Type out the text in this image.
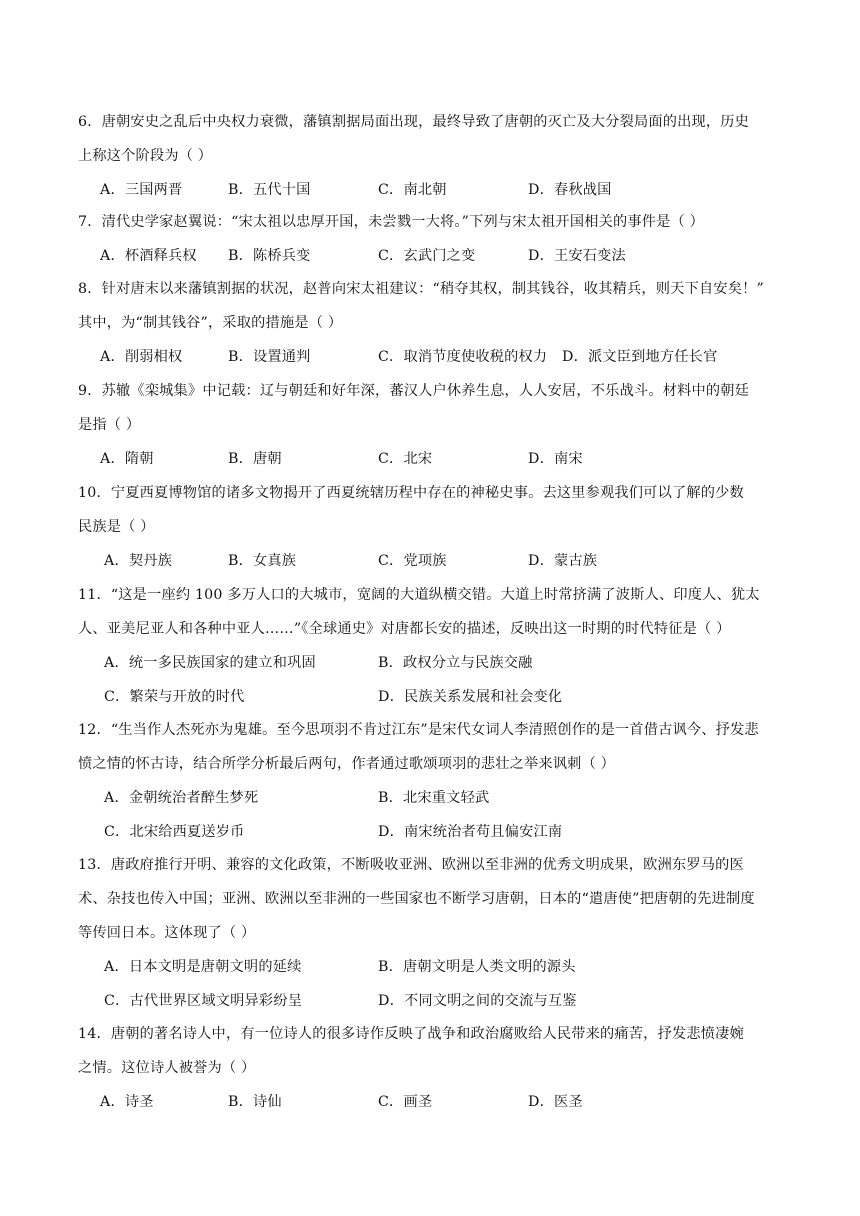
6．唐朝安史之乱后中央权力衰微，藩镇割据局面出现，最终导致了唐朝的灭亡及大分裂局面的出现，历史

上称这个阶段为（ ）

A．三国两晋	B．五代十国	C．南北朝	D．春秋战国

7．清代史学家赵翼说：“宋太祖以忠厚开国，未尝戮一大将。”下列与宋太祖开国相关的事件是（ ）

A．杯酒释兵权 B．陈桥兵变	C．玄武门之变	D．王安石变法

8．针对唐末以来藩镇割据的状况，赵普向宋太祖建议：“稍夺其权，制其钱谷，收其精兵，则天下自安矣！”

其中，为“制其钱谷”，采取的措施是（ ）

A．削弱相权	B．设置通判	C．取消节度使收税的权力 D．派文臣到地方任长官

9．苏辙《栾城集》中记载：辽与朝廷和好年深，蕃汉人户休养生息，人人安居，不乐战斗。材料中的朝廷

是指（ ）

A．隋朝	B．唐朝	C．北宋	D．南宋

10．宁夏西夏博物馆的诸多文物揭开了西夏统辖历程中存在的神秘史事。去这里参观我们可以了解的少数

民族是（ ）

A．契丹族	B．女真族	C．党项族	D．蒙古族

11．“这是一座约 100 多万人口的大城市，宽阔的大道纵横交错。大道上时常挤满了波斯人、印度人、犹太

人、亚美尼亚人和各种中亚人……”《全球通史》对唐都长安的描述，反映出这一时期的时代特征是（ ）

A．统一多民族国家的建立和巩固	B．政权分立与民族交融
C．繁荣与开放的时代	D．民族关系发展和社会变化

12．“生当作人杰死亦为鬼雄。至今思项羽不肯过江东”是宋代女词人李清照创作的是一首借古讽今、抒发悲

愤之情的怀古诗，结合所学分析最后两句，作者通过歌颂项羽的悲壮之举来讽刺（ ）

A．金朝统治者醉生梦死	B．北宋重文轻武
C．北宋给西夏送岁币	D．南宋统治者苟且偏安江南

13．唐政府推行开明、兼容的文化政策，不断吸收亚洲、欧洲以至非洲的优秀文明成果，欧洲东罗马的医

术、杂技也传入中国；亚洲、欧洲以至非洲的一些国家也不断学习唐朝，日本的“遣唐使”把唐朝的先进制度

等传回日本。这体现了（ ）

A．日本文明是唐朝文明的延续	B．唐朝文明是人类文明的源头
C．古代世界区域文明异彩纷呈	D．不同文明之间的交流与互鉴

14．唐朝的著名诗人中，有一位诗人的很多诗作反映了战争和政治腐败给人民带来的痛苦，抒发悲愤凄婉

之情。这位诗人被誉为（ ）

A．诗圣	B．诗仙	C．画圣	D．医圣
